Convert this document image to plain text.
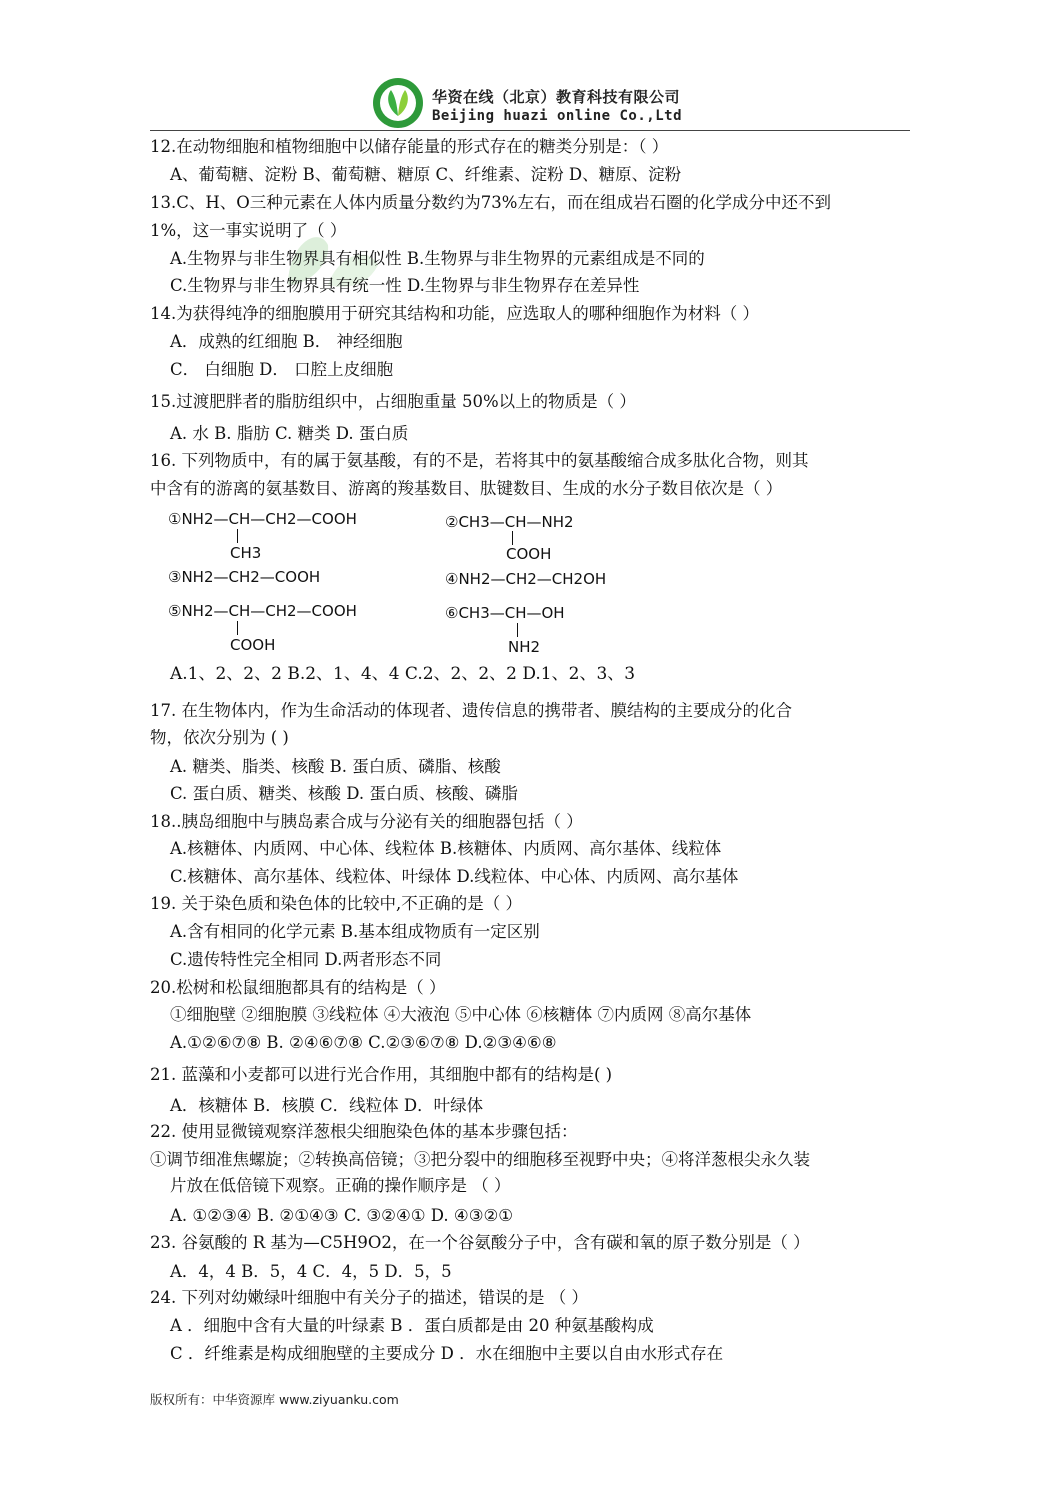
华资在线（北京）教育科技有限公司
Beijing huazi online Co.,Ltd
12.在动物细胞和植物细胞中以储存能量的形式存在的糖类分别是：（ ）
A、葡萄糖、淀粉 B、葡萄糖、糖原 C、纤维素、淀粉 D、糖原、淀粉
13.C、H、O三种元素在人体内质量分数约为73%左右，而在组成岩石圈的化学成分中还不到
1%，这一事实说明了（ ）
A.生物界与非生物界具有相似性 B.生物界与非生物界的元素组成是不同的
C.生物界与非生物界具有统一性 D.生物界与非生物界存在差异性
14.为获得纯净的细胞膜用于研究其结构和功能，应选取人的哪种细胞作为材料（ ）
A．成熟的红细胞 B． 神经细胞
C． 白细胞 D． 口腔上皮细胞
15.过渡肥胖者的脂肪组织中，占细胞重量 50%以上的物质是（ ）
A. 水 B. 脂肪 C. 糖类 D. 蛋白质
16. 下列物质中，有的属于氨基酸，有的不是，若将其中的氨基酸缩合成多肽化合物，则其
中含有的游离的氨基数目、游离的羧基数目、肽键数目、生成的水分子数目依次是（ ）
①NH2—CH—CH2—COOH
CH3
②CH3—CH—NH2
COOH
③NH2—CH2—COOH	④NH2—CH2—CH2OH
⑤NH2—CH—CH2—COOH
COOH
⑥CH3—CH—OH
NH2
A.1、2、2、2 B.2、1、4、4 C.2、2、2、2 D.1、2、3、3
17. 在生物体内，作为生命活动的体现者、遗传信息的携带者、膜结构的主要成分的化合
物，依次分别为 ( )
A. 糖类、脂类、核酸 B. 蛋白质、磷脂、核酸
C. 蛋白质、糖类、核酸 D. 蛋白质、核酸、磷脂
18..胰岛细胞中与胰岛素合成与分泌有关的细胞器包括（ ）
A.核糖体、内质网、中心体、线粒体 B.核糖体、内质网、高尔基体、线粒体
C.核糖体、高尔基体、线粒体、叶绿体 D.线粒体、中心体、内质网、高尔基体
19. 关于染色质和染色体的比较中,不正确的是（ ）
A.含有相同的化学元素 B.基本组成物质有一定区别
C.遗传特性完全相同 D.两者形态不同
20.松树和松鼠细胞都具有的结构是（ ）
①细胞壁 ②细胞膜 ③线粒体 ④大液泡 ⑤中心体 ⑥核糖体 ⑦内质网 ⑧高尔基体
A.①②⑥⑦⑧ B. ②④⑥⑦⑧ C.②③⑥⑦⑧ D.②③④⑥⑧
21. 蓝藻和小麦都可以进行光合作用，其细胞中都有的结构是( )
A．核糖体 B．核膜 C．线粒体 D．叶绿体
22. 使用显微镜观察洋葱根尖细胞染色体的基本步骤包括：
①调节细准焦螺旋；②转换高倍镜；③把分裂中的细胞移至视野中央；④将洋葱根尖永久装
片放在低倍镜下观察。正确的操作顺序是 （ ）
A. ①②③④ B. ②①④③ C. ③②④① D. ④③②①
23. 谷氨酸的 R 基为—C5H9O2，在一个谷氨酸分子中，含有碳和氧的原子数分别是（ ）
A．4，4 B．5，4 C．4，5 D．5，5
24. 下列对幼嫩绿叶细胞中有关分子的描述，错误的是 （ ）
A ．细胞中含有大量的叶绿素 B ．蛋白质都是由 20 种氨基酸构成
C ．纤维素是构成细胞壁的主要成分 D ．水在细胞中主要以自由水形式存在
版权所有：中华资源库 www.ziyuanku.com
